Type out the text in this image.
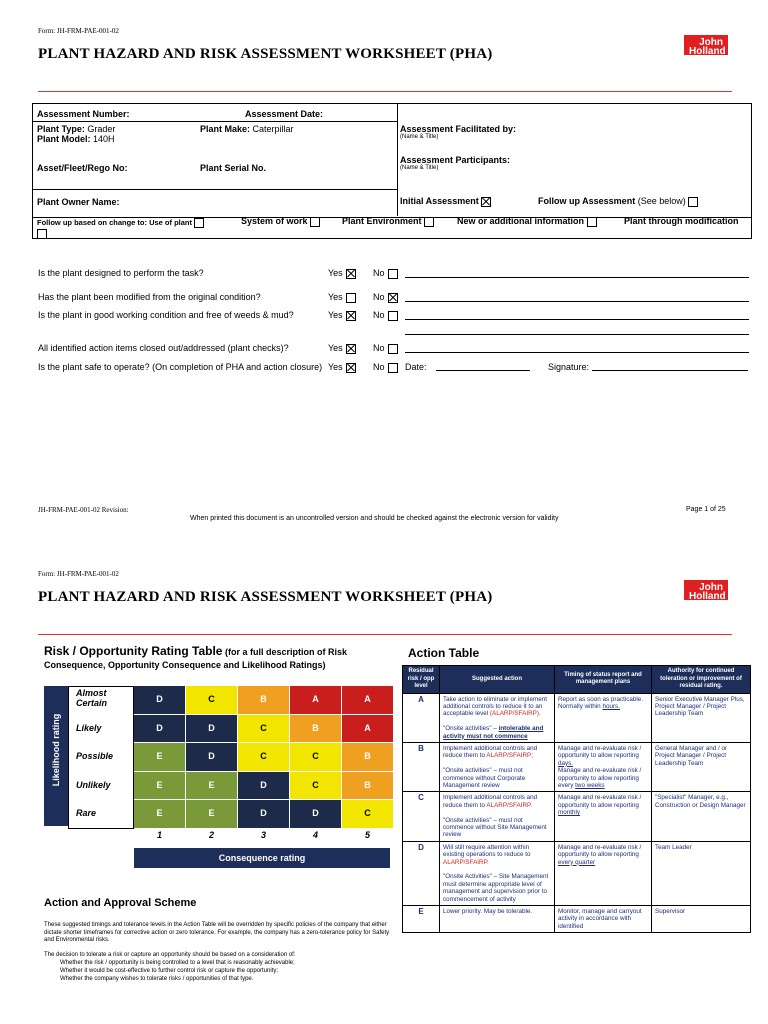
Form: JH-FRM-PAE-001-02
PLANT HAZARD AND RISK ASSESSMENT WORKSHEET (PHA)
John
Holland
Assessment Number:	Assessment Date:
Plant Type: Grader
Plant Model: 140H
Plant Make: Caterpillar
Asset/Fleet/Rego No:	Plant Serial No.
Plant Owner Name:
Assessment Facilitated by:
(Name & Title)
Assessment Participants:
(Name & Title)
Initial Assessment	Follow up Assessment (See below)
Follow up based on change to: Use of plant	System of work	Plant Environment	New or additional information	Plant through modification
Is the plant designed to perform the task?	Yes	No
Has the plant been modified from the original condition?	Yes	No
Is the plant in good working condition and free of weeds & mud?	Yes	No
All identified action items closed out/addressed (plant checks)?	Yes	No
Is the plant safe to operate? (On completion of PHA and action closure) Yes	No	Date:	Signature:
JH-FRM-PAE-001-02 Revision:
When printed this document is an uncontrolled version and should be checked against the electronic version for validity
Page 1 of 25
Form: JH-FRM-PAE-001-02
PLANT HAZARD AND RISK ASSESSMENT WORKSHEET (PHA)
John
Holland
Risk / Opportunity Rating Table (for a full description of Risk Consequence, Opportunity Consequence and Likelihood Ratings)
Likelihood rating
Almost Certain	D	C	B	A	A
Likely	D	D	C	B	A
Possible	E	D	C	C	B
Unlikely	E	E	D	C	B
Rare	E	E	D	D	C
1	2	3	4	5
Consequence rating
Action and Approval Scheme
These suggested timings and tolerance levels in the Action Table will be overridden by specific policies of the company that either dictate shorter timeframes for corrective action or zero tolerance. For example, the company has a zero-tolerance policy for Safety and Environmental risks.
The decision to tolerate a risk or capture an opportunity should be based on a consideration of:
Whether the risk / opportunity is being controlled to a level that is reasonably achievable;
Whether it would be cost-effective to further control risk or capture the opportunity;
Whether the company wishes to tolerate risks / opportunities of that type.
Action Table
Residual risk / opp level	Suggested action	Timing of status report and management plans	Authority for continued toleration or improvement of residual rating.
A	Take action to eliminate or implement additional controls to reduce it to an acceptable level (ALARP/SFAIRP).

"Onsite activities" – intolerable and activity must not commence	Report as soon as practicable. Normally within hours.	Senior Executive Manager Plus, Project Manager / Project Leadership Team
B	Implement additional controls and reduce them to ALARP/SFAIRP;

"Onsite activities" – must not commence without Corporate Management review	Manage and re-evaluate risk / opportunity to allow reporting days.
Manage and re-evaluate risk / opportunity to allow reporting every two weeks	General Manager and / or Project Manager / Project Leadership Team
C	Implement additional controls and reduce them to ALARP/SFAIRP.

"Onsite activities" – must not commence without Site Management review	Manage and re-evaluate risk / opportunity to allow reporting monthly	"Specialist" Manager, e.g., Construction or Design Manager
D	Will still require attention within existing operations to reduce to ALARP/SFAIRP.

"Onsite Activities" – Site Management must determine appropriate level of management and supervision prior to commencement of activity	Manage and re-evaluate risk / opportunity to allow reporting every quarter	Team Leader
E	Lower priority. May be tolerable.	Monitor, manage and carryout activity in accordance with identified	Supervisor
